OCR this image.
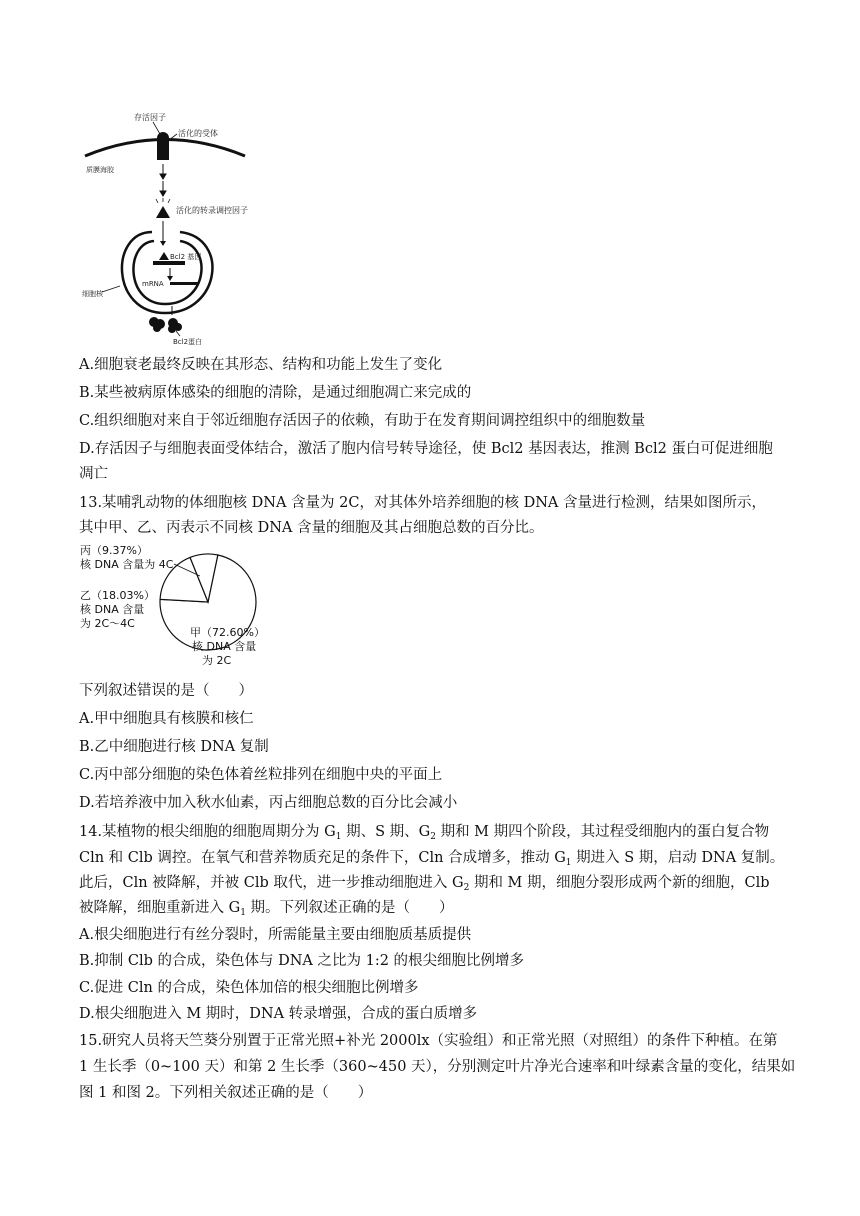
存活因子
活化的受体
质膜海胶
活化的转录调控因子
Bcl2 基因
mRNA
细胞核
Bcl2蛋白
A.细胞衰老最终反映在其形态、结构和功能上发生了变化
B.某些被病原体感染的细胞的清除，是通过细胞凋亡来完成的
C.组织细胞对来自于邻近细胞存活因子的依赖，有助于在发育期间调控组织中的细胞数量
D.存活因子与细胞表面受体结合，激活了胞内信号转导途径，使 Bcl2 基因表达，推测 Bcl2 蛋白可促进细胞
凋亡
13.某哺乳动物的体细胞核 DNA 含量为 2C，对其体外培养细胞的核 DNA 含量进行检测，结果如图所示，
其中甲、乙、丙表示不同核 DNA 含量的细胞及其占细胞总数的百分比。
丙（9.37%）
核 DNA 含量为 4C
乙（18.03%）
核 DNA 含量
为 2C～4C
甲（72.60%）
核 DNA 含量
为 2C
下列叙述错误的是（　　）
A.甲中细胞具有核膜和核仁
B.乙中细胞进行核 DNA 复制
C.丙中部分细胞的染色体着丝粒排列在细胞中央的平面上
D.若培养液中加入秋水仙素，丙占细胞总数的百分比会减小
14.某植物的根尖细胞的细胞周期分为 $G_1$ 期、S 期、$G_2$ 期和 M 期四个阶段，其过程受细胞内的蛋白复合物
Cln 和 Clb 调控。在氧气和营养物质充足的条件下，Cln 合成增多，推动 $G_1$ 期进入 S 期，启动 DNA 复制。
此后，Cln 被降解，并被 Clb 取代，进一步推动细胞进入 $G_2$ 期和 M 期，细胞分裂形成两个新的细胞，Clb
被降解，细胞重新进入 $G_1$ 期。下列叙述正确的是（　　）
A.根尖细胞进行有丝分裂时，所需能量主要由细胞质基质提供
B.抑制 Clb 的合成，染色体与 DNA 之比为 1:2 的根尖细胞比例增多
C.促进 Cln 的合成，染色体加倍的根尖细胞比例增多
D.根尖细胞进入 M 期时，DNA 转录增强，合成的蛋白质增多
15.研究人员将天竺葵分别置于正常光照+补光 2000lx（实验组）和正常光照（对照组）的条件下种植。在第
1 生长季（0~100 天）和第 2 生长季（360~450 天），分别测定叶片净光合速率和叶绿素含量的变化，结果如
图 1 和图 2。下列相关叙述正确的是（　　）
